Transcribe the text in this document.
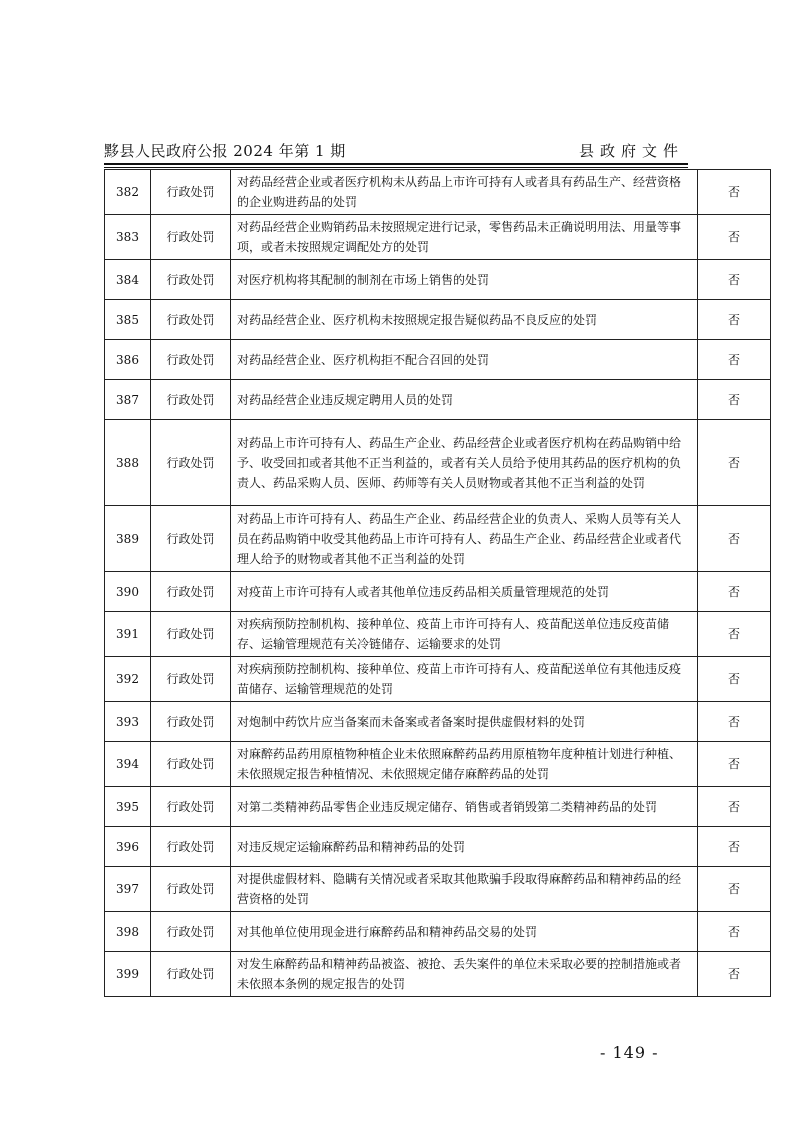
黟县人民政府公报 2024 年第 1 期	县政府文件
382	行政处罚	对药品经营企业或者医疗机构未从药品上市许可持有人或者具有药品生产、经营资格的企业购进药品的处罚	否
383	行政处罚	对药品经营企业购销药品未按照规定进行记录，零售药品未正确说明用法、用量等事项，或者未按照规定调配处方的处罚	否
384	行政处罚	对医疗机构将其配制的制剂在市场上销售的处罚	否
385	行政处罚	对药品经营企业、医疗机构未按照规定报告疑似药品不良反应的处罚	否
386	行政处罚	对药品经营企业、医疗机构拒不配合召回的处罚	否
387	行政处罚	对药品经营企业违反规定聘用人员的处罚	否
388	行政处罚	对药品上市许可持有人、药品生产企业、药品经营企业或者医疗机构在药品购销中给予、收受回扣或者其他不正当利益的，或者有关人员给予使用其药品的医疗机构的负责人、药品采购人员、医师、药师等有关人员财物或者其他不正当利益的处罚	否
389	行政处罚	对药品上市许可持有人、药品生产企业、药品经营企业的负责人、采购人员等有关人员在药品购销中收受其他药品上市许可持有人、药品生产企业、药品经营企业或者代理人给予的财物或者其他不正当利益的处罚	否
390	行政处罚	对疫苗上市许可持有人或者其他单位违反药品相关质量管理规范的处罚	否
391	行政处罚	对疾病预防控制机构、接种单位、疫苗上市许可持有人、疫苗配送单位违反疫苗储存、运输管理规范有关冷链储存、运输要求的处罚	否
392	行政处罚	对疾病预防控制机构、接种单位、疫苗上市许可持有人、疫苗配送单位有其他违反疫苗储存、运输管理规范的处罚	否
393	行政处罚	对炮制中药饮片应当备案而未备案或者备案时提供虚假材料的处罚	否
394	行政处罚	对麻醉药品药用原植物种植企业未依照麻醉药品药用原植物年度种植计划进行种植、未依照规定报告种植情况、未依照规定储存麻醉药品的处罚	否
395	行政处罚	对第二类精神药品零售企业违反规定储存、销售或者销毁第二类精神药品的处罚	否
396	行政处罚	对违反规定运输麻醉药品和精神药品的处罚	否
397	行政处罚	对提供虚假材料、隐瞒有关情况或者采取其他欺骗手段取得麻醉药品和精神药品的经营资格的处罚	否
398	行政处罚	对其他单位使用现金进行麻醉药品和精神药品交易的处罚	否
399	行政处罚	对发生麻醉药品和精神药品被盗、被抢、丢失案件的单位未采取必要的控制措施或者未依照本条例的规定报告的处罚	否
- 149 -
